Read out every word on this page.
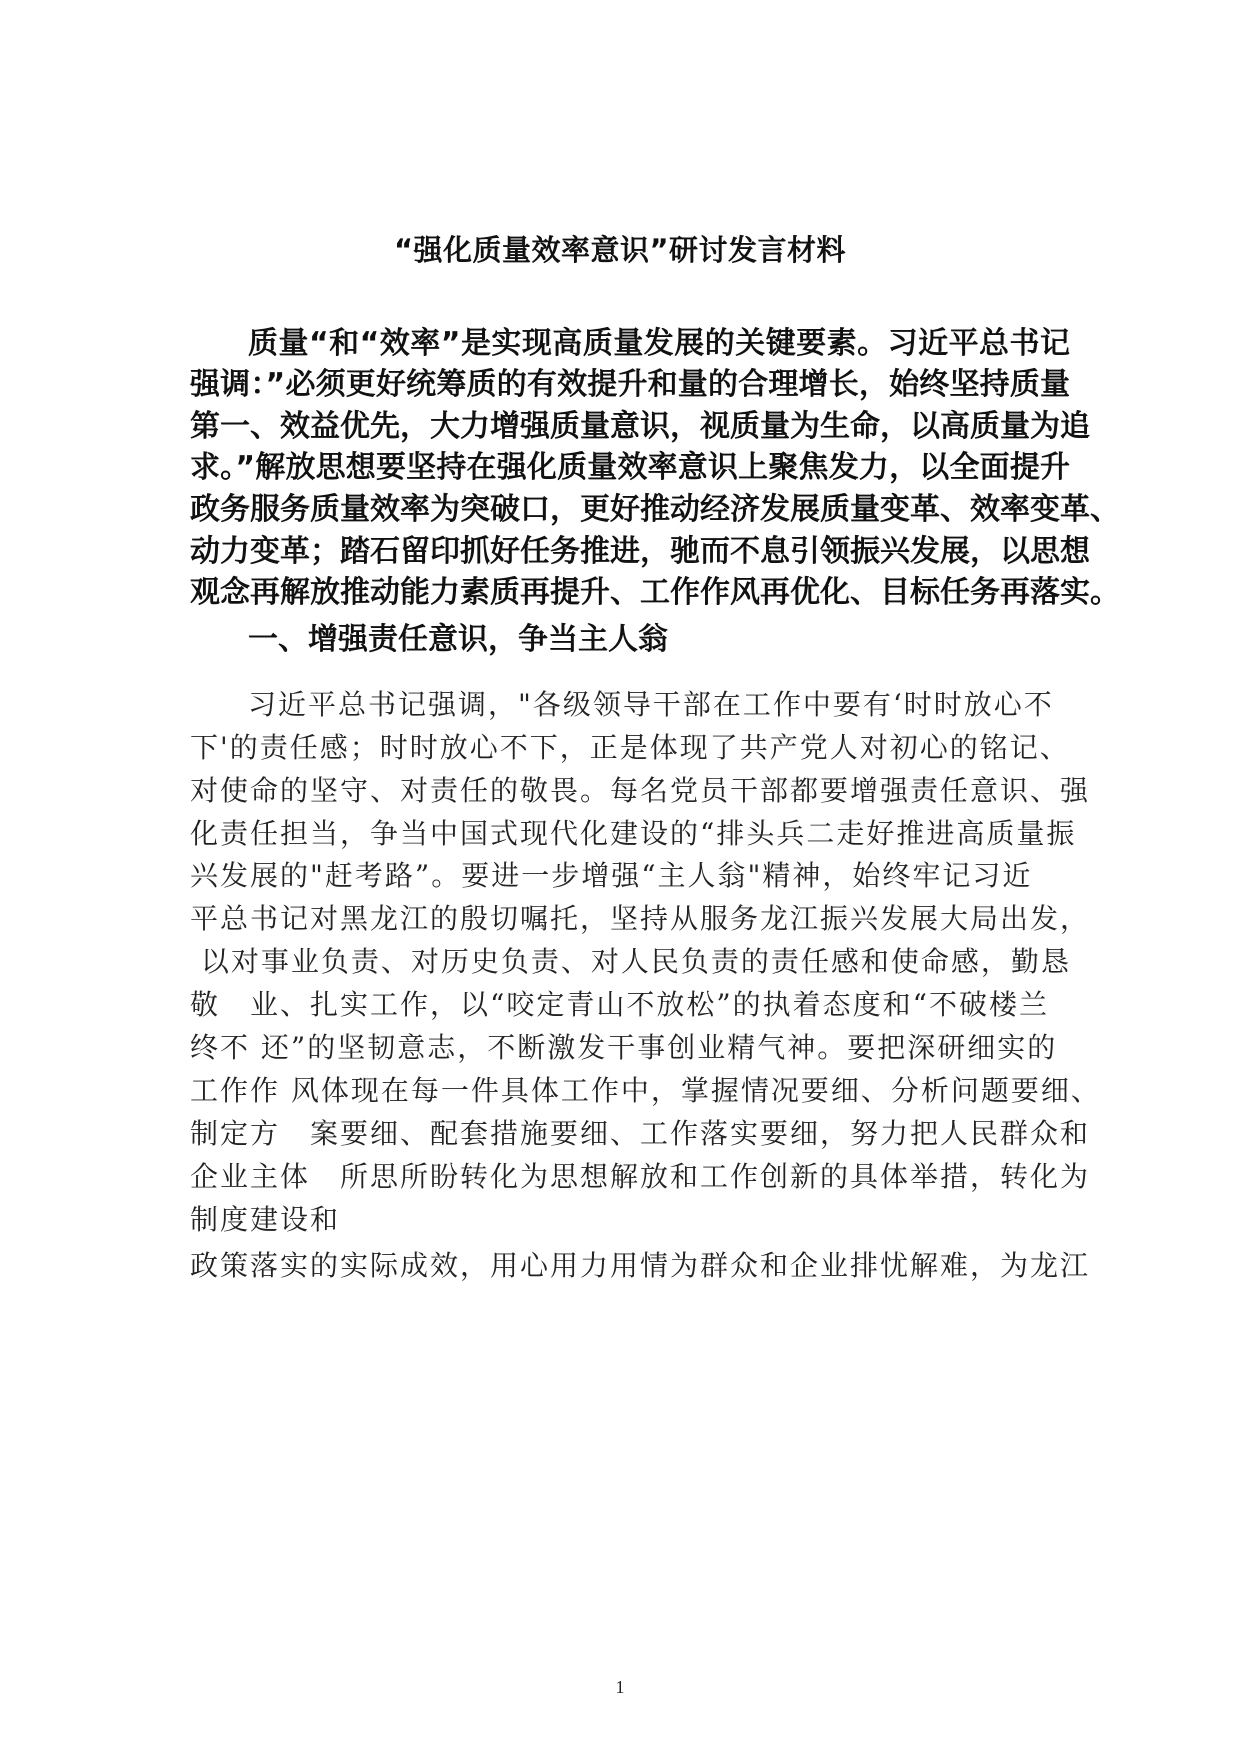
“强化质量效率意识”研讨发言材料
质量“和“效率”是实现高质量发展的关键要素。习近平总书记
强调：”必须更好统筹质的有效提升和量的合理增长，始终坚持质量
第一、效益优先，大力增强质量意识，视质量为生命，以高质量为追
求。”解放思想要坚持在强化质量效率意识上聚焦发力，以全面提升
政务服务质量效率为突破口，更好推动经济发展质量变革、效率变革、
动力变革；踏石留印抓好任务推进，驰而不息引领振兴发展，以思想
观念再解放推动能力素质再提升、工作作风再优化、目标任务再落实。
一、增强责任意识，争当主人翁
习近平总书记强调，"各级领导干部在工作中要有‘时时放心不
下'的责任感；时时放心不下，正是体现了共产党人对初心的铭记、
对使命的坚守、对责任的敬畏。每名党员干部都要增强责任意识、强
化责任担当，争当中国式现代化建设的“排头兵二走好推进高质量振
兴发展的"赶考路”。要进一步增强“主人翁"精神，始终牢记习近
平总书记对黑龙江的殷切嘱托，坚持从服务龙江振兴发展大局出发，
以对事业负责、对历史负责、对人民负责的责任感和使命感，勤恳
敬　业、扎实工作，以“咬定青山不放松”的执着态度和“不破楼兰
终不 还”的坚韧意志，不断激发干事创业精气神。要把深研细实的
工作作 风体现在每一件具体工作中，掌握情况要细、分析问题要细、
制定方　案要细、配套措施要细、工作落实要细，努力把人民群众和
企业主体　所思所盼转化为思想解放和工作创新的具体举措，转化为
制度建设和
政策落实的实际成效，用心用力用情为群众和企业排忧解难，为龙江
1
